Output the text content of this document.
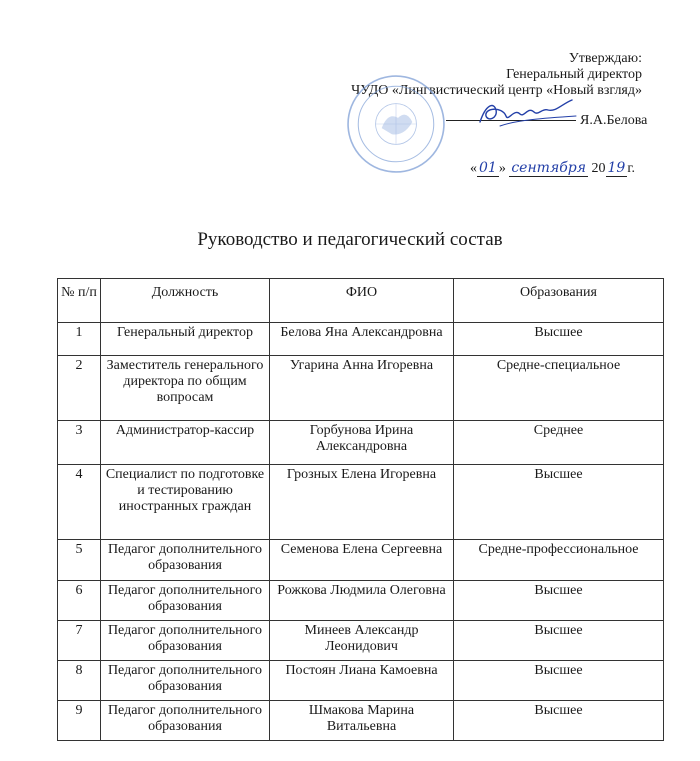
Утверждаю:
Генеральный директор
ЧУДО «Лингвистический центр «Новый взгляд»
Я.А.Белова
« 01 » сентября 20 19 г.
Руководство и педагогический состав
№ п/п	Должность	ФИО	Образования
1	Генеральный директор	Белова Яна Александровна	Высшее
2	Заместитель генерального директора по общим вопросам	Угарина Анна Игоревна	Средне-специальное
3	Администратор-кассир	Горбунова Ирина Александровна	Среднее
4	Специалист по подготовке и тестированию иностранных граждан	Грозных Елена Игоревна	Высшее
5	Педагог дополнительного образования	Семенова Елена Сергеевна	Средне-профессиональное
6	Педагог дополнительного образования	Рожкова Людмила Олеговна	Высшее
7	Педагог дополнительного образования	Минеев Александр Леонидович	Высшее
8	Педагог дополнительного образования	Постоян Лиана Камоевна	Высшее
9	Педагог дополнительного образования	Шмакова Марина Витальевна	Высшее
